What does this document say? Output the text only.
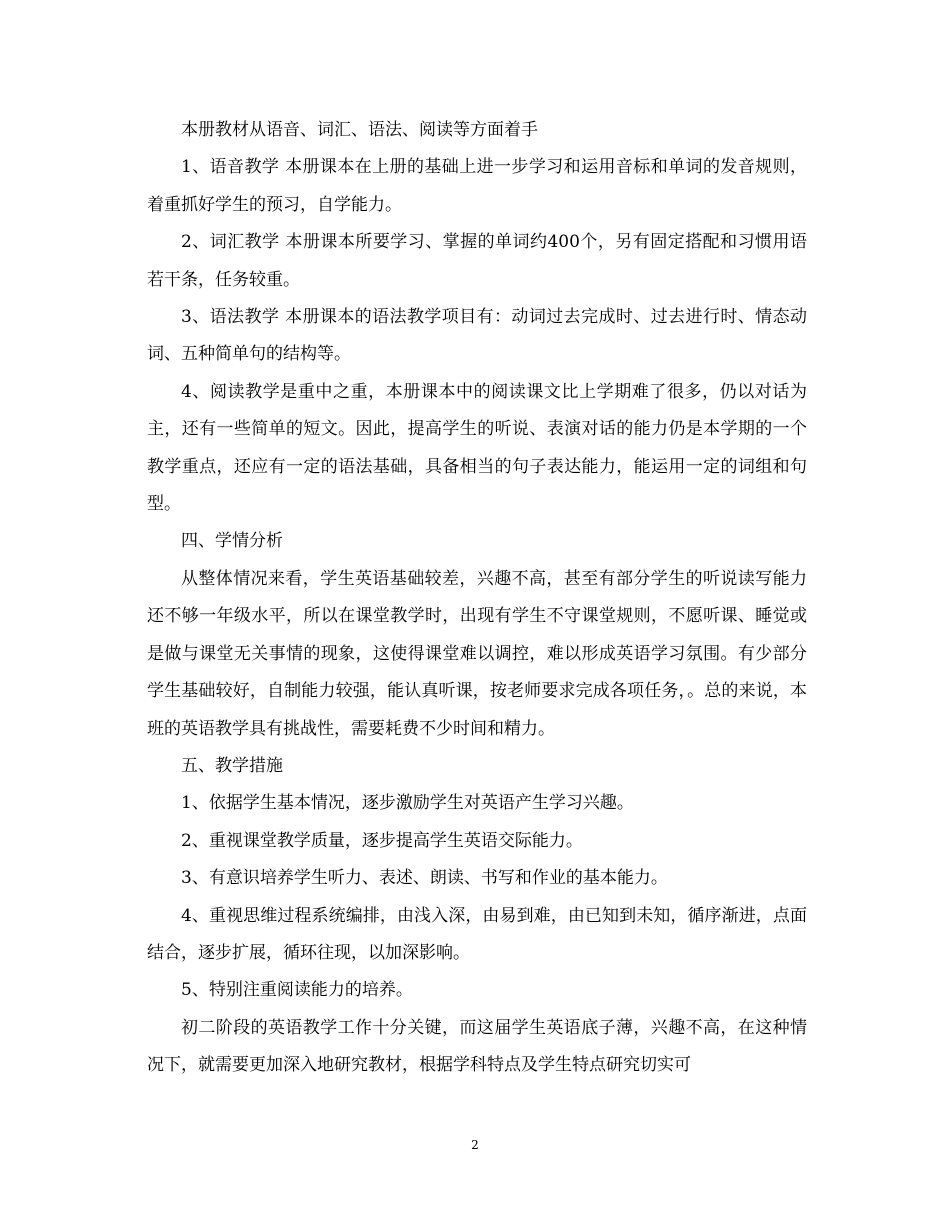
本册教材从语音、词汇、语法、阅读等方面着手

1、语音教学 本册课本在上册的基础上进一步学习和运用音标和单词的发音规则，着重抓好学生的预习，自学能力。

2、词汇教学 本册课本所要学习、掌握的单词约400个，另有固定搭配和习惯用语若干条，任务较重。

3、语法教学 本册课本的语法教学项目有：动词过去完成时、过去进行时、情态动词、五种简单句的结构等。

4、阅读教学是重中之重，本册课本中的阅读课文比上学期难了很多，仍以对话为主，还有一些简单的短文。因此，提高学生的听说、表演对话的能力仍是本学期的一个教学重点，还应有一定的语法基础，具备相当的句子表达能力，能运用一定的词组和句型。

四、学情分析

从整体情况来看，学生英语基础较差，兴趣不高，甚至有部分学生的听说读写能力还不够一年级水平，所以在课堂教学时，出现有学生不守课堂规则，不愿听课、睡觉或是做与课堂无关事情的现象，这使得课堂难以调控，难以形成英语学习氛围。有少部分学生基础较好，自制能力较强，能认真听课，按老师要求完成各项任务，。总的来说，本班的英语教学具有挑战性，需要耗费不少时间和精力。

五、教学措施

1、依据学生基本情况，逐步激励学生对英语产生学习兴趣。

2、重视课堂教学质量，逐步提高学生英语交际能力。

3、有意识培养学生听力、表述、朗读、书写和作业的基本能力。

4、重视思维过程系统编排，由浅入深，由易到难，由已知到未知，循序渐进，点面结合，逐步扩展，循环往现，以加深影响。

5、特别注重阅读能力的培养。

初二阶段的英语教学工作十分关键，而这届学生英语底子薄，兴趣不高，在这种情况下，就需要更加深入地研究教材，根据学科特点及学生特点研究切实可

2
